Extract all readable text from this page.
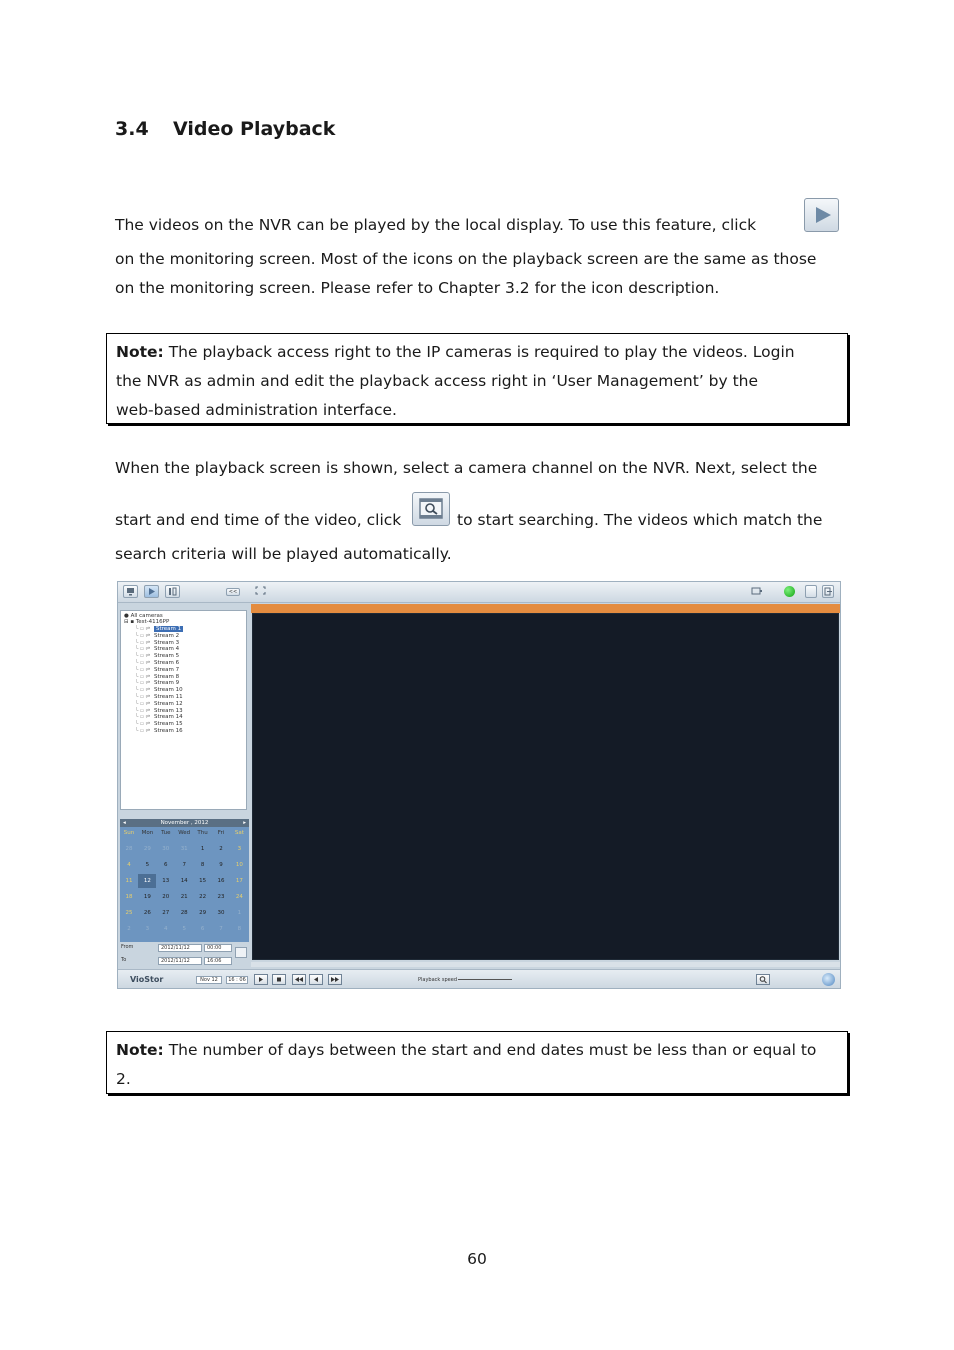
3.4 Video Playback
The videos on the NVR can be played by the local display. To use this feature, click
on the monitoring screen. Most of the icons on the playback screen are the same as those
on the monitoring screen. Please refer to Chapter 3.2 for the icon description.
Note: The playback access right to the IP cameras is required to play the videos. Login
the NVR as admin and edit the playback access right in ‘User Management’ by the
web-based administration interface.
When the playback screen is shown, select a camera channel on the NVR. Next, select the
start and end time of the video, click	to start searching. The videos which match the
search criteria will be played automatically.
<<
● All cameras
⊟ ▪ Test-4116PP
Stream 1
└ ▫ ⇌
Stream 2
└ ▫ ⇌
Stream 3
└ ▫ ⇌
Stream 4
└ ▫ ⇌
Stream 5
└ ▫ ⇌
Stream 6
└ ▫ ⇌
Stream 7
└ ▫ ⇌
Stream 8
└ ▫ ⇌
Stream 9
└ ▫ ⇌
Stream 10
└ ▫ ⇌
Stream 11
└ ▫ ⇌
Stream 12
└ ▫ ⇌
Stream 13
└ ▫ ⇌
Stream 14
└ ▫ ⇌
Stream 15
└ ▫ ⇌
Stream 16
└ ▫ ⇌
◂	November , 2012	▸
Sun	Mon	Tue	Wed	Thu	Fri	Sat
28	29	30	31	1	2	3
4	5	6	7	8	9	10
11	12	13	14	15	16	17
18	19	20	21	22	23	24
25	26	27	28	29	30	1
2	3	4	5	6	7	8
From	2012/11/12	00:00
To	2012/11/12	16:06
VioStor	Nov 12	16 : 06	Playback speed
Note: The number of days between the start and end dates must be less than or equal to
2.
60
